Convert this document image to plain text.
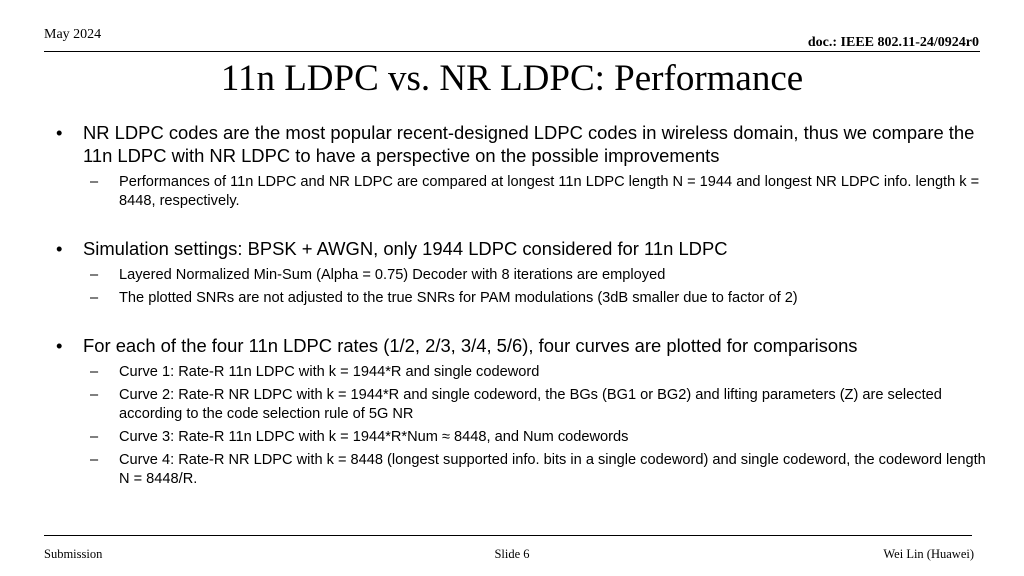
May 2024
doc.: IEEE 802.11-24/0924r0
11n LDPC vs. NR LDPC: Performance
• NR LDPC codes are the most popular recent-designed LDPC codes in wireless domain, thus we compare the 11n LDPC with NR LDPC to have a perspective on the possible improvements
– Performances of 11n LDPC and NR LDPC are compared at longest 11n LDPC length N = 1944 and longest NR LDPC info. length k = 8448, respectively.
• Simulation settings: BPSK + AWGN, only 1944 LDPC considered for 11n LDPC
– Layered Normalized Min-Sum (Alpha = 0.75) Decoder with 8 iterations are employed
– The plotted SNRs are not adjusted to the true SNRs for PAM modulations (3dB smaller due to factor of 2)
• For each of the four 11n LDPC rates (1/2, 2/3, 3/4, 5/6), four curves are plotted for comparisons
– Curve 1: Rate-R 11n LDPC with k = 1944*R and single codeword
– Curve 2: Rate-R NR LDPC with k = 1944*R and single codeword, the BGs (BG1 or BG2) and lifting parameters (Z) are selected according to the code selection rule of 5G NR
– Curve 3: Rate-R 11n LDPC with k = 1944*R*Num ≈ 8448, and Num codewords
– Curve 4: Rate-R NR LDPC with k = 8448 (longest supported info. bits in a single codeword) and single codeword, the codeword length N = 8448/R.
Submission	Slide 6	Wei Lin (Huawei)
